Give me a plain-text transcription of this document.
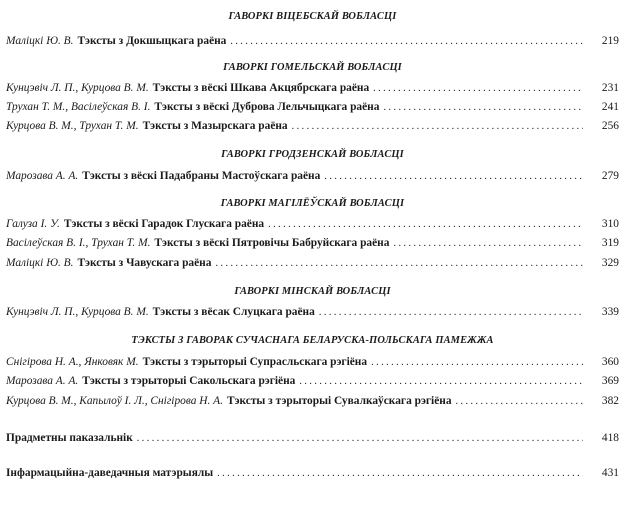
ГАВОРКІ ВІЦЕБСКАЙ ВОБЛАСЦІ
Маліцкі Ю. В. Тэксты з Докшыцкага раёна . . .	219
ГАВОРКІ ГОМЕЛЬСКАЙ ВОБЛАСЦІ
Кунцэвіч Л. П., Курцова В. М. Тэксты з вёскі Шкава Акцябрскага раёна . . .	231
Трухан Т. М., Васілеўская В. І. Тэксты з вёскі Дуброва Лельчыцкага раёна . . .	241
Курцова В. М., Трухан Т. М. Тэксты з Мазырскага раёна . . .	256
ГАВОРКІ ГРОДЗЕНСКАЙ ВОБЛАСЦІ
Марозава А. А. Тэксты з вёскі Падабраны Мастоўскага раёна . . .	279
ГАВОРКІ МАГІЛЁЎСКАЙ ВОБЛАСЦІ
Галуза І. У. Тэксты з вёскі Гарадок Глускага раёна . . .	310
Васілеўская В. І., Трухан Т. М. Тэксты з вёскі Пятровічы Бабруйскага раёна . . .	319
Маліцкі Ю. В. Тэксты з Чавускага раёна . . .	329
ГАВОРКІ МІНСКАЙ ВОБЛАСЦІ
Кунцэвіч Л. П., Курцова В. М. Тэксты з вёсак Слуцкага раёна . . .	339
ТЭКСТЫ З ГАВОРАК СУЧАСНАГА БЕЛАРУСКА-ПОЛЬСКАГА ПАМЕЖЖА
Снігірова Н. А., Янковяк М. Тэксты з тэрыторыі Супрасльскага рэгіёна . . .	360
Марозава А. А. Тэксты з тэрыторыі Сакольскага рэгіёна . . .	369
Курцова В. М., Капылоў І. Л., Снігірова Н. А. Тэксты з тэрыторыі Сувалкаўскага рэгіёна . . .	382
Прадметны паказальнік . . .	418
Інфармацыйна-даведачныя матэрыялы . . .	431
